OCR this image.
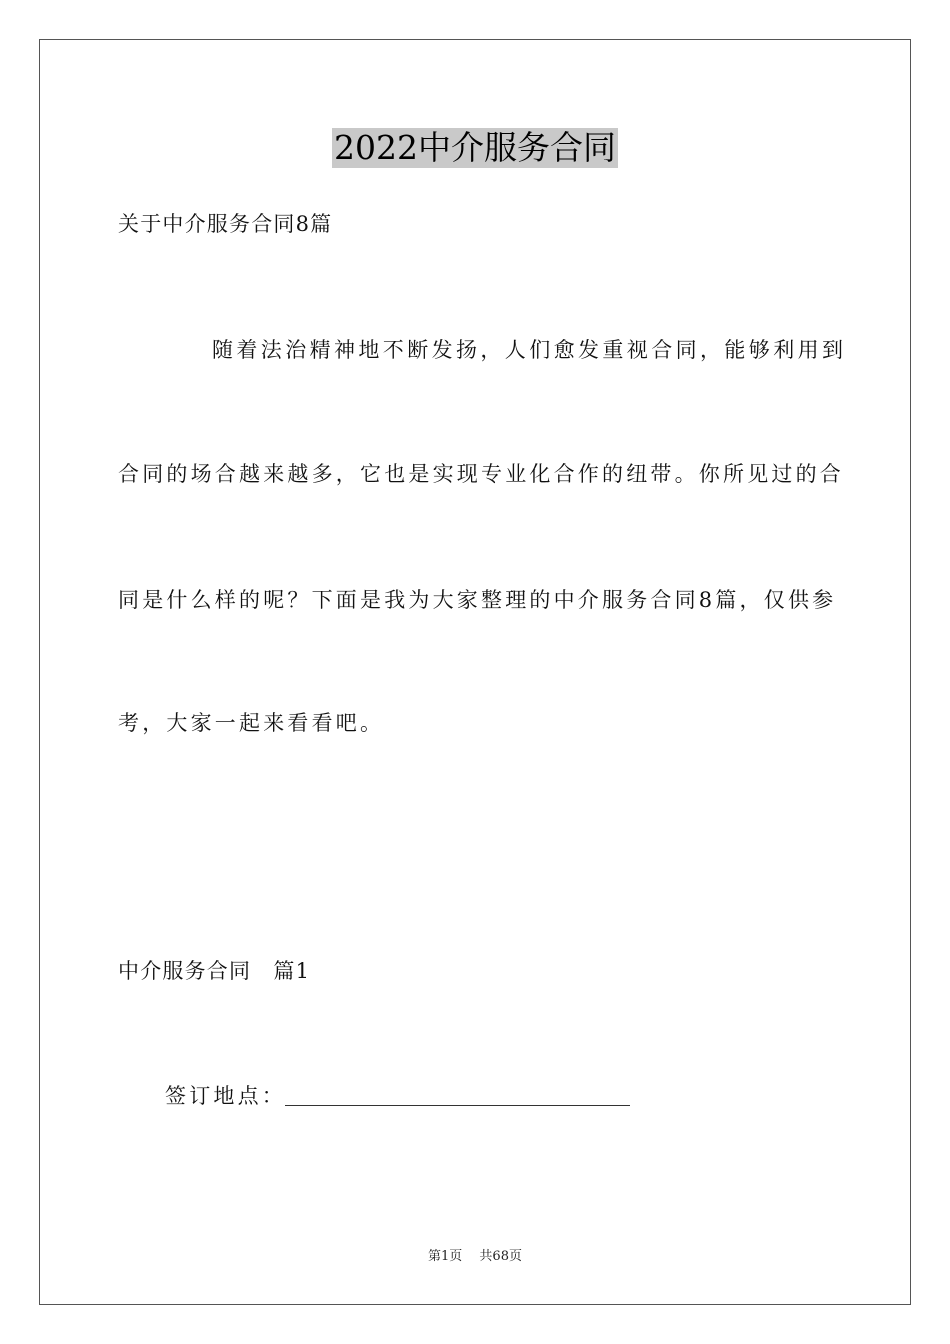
2022中介服务合同
关于中介服务合同8篇
随着法治精神地不断发扬，人们愈发重视合同，能够利用到
合同的场合越来越多，它也是实现专业化合作的纽带。你所见过的合
同是什么样的呢？下面是我为大家整理的中介服务合同8篇，仅供参
考，大家一起来看看吧。
中介服务合同　篇1
签订地点：
第1页　 共68页
